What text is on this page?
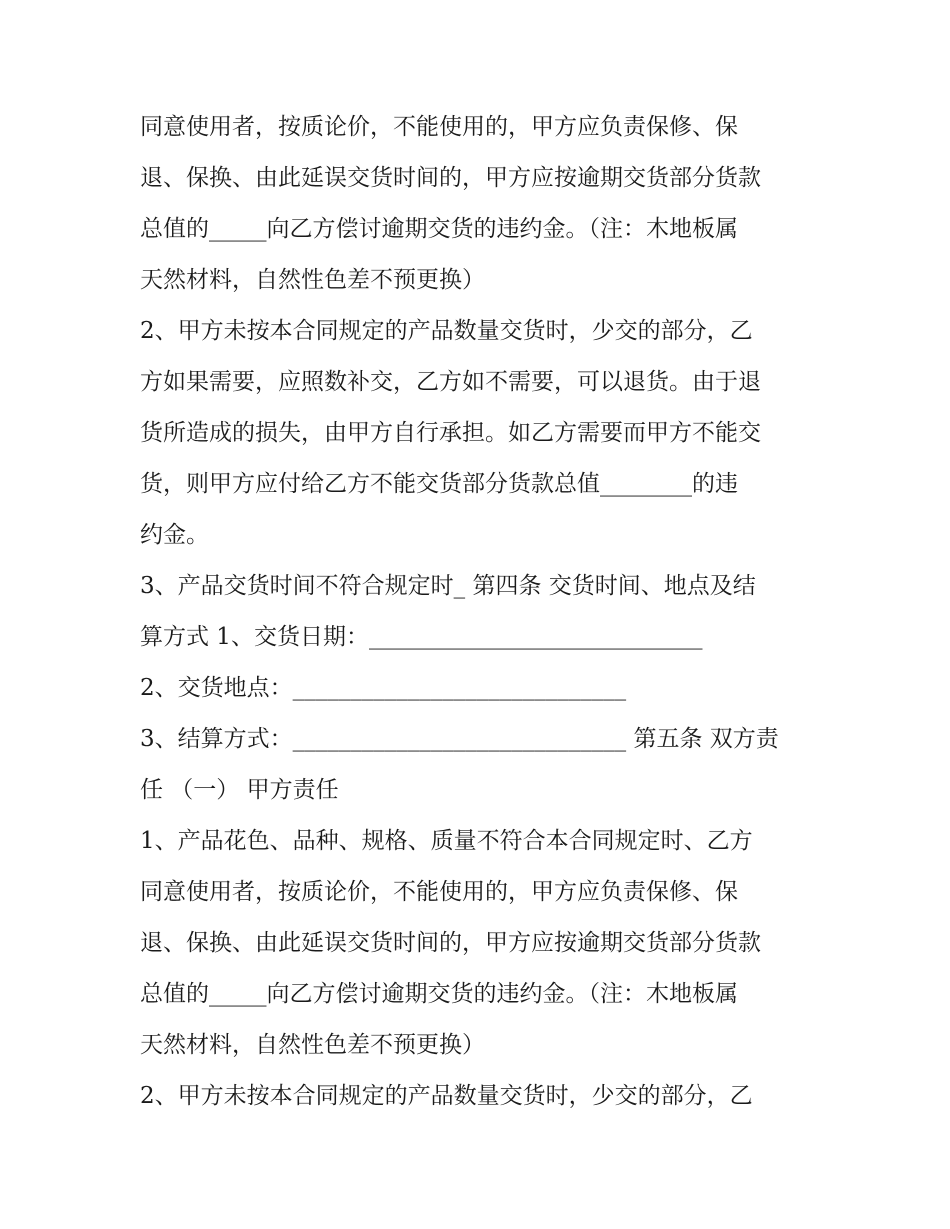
同意使用者，按质论价，不能使用的，甲方应负责保修、保
退、保换、由此延误交货时间的，甲方应按逾期交货部分货款
总值的_____向乙方偿讨逾期交货的违约金。（注：木地板属
天然材料，自然性色差不预更换）
2、甲方未按本合同规定的产品数量交货时，少交的部分，乙
方如果需要，应照数补交，乙方如不需要，可以退货。由于退
货所造成的损失，由甲方自行承担。如乙方需要而甲方不能交
货，则甲方应付给乙方不能交货部分货款总值________的违
约金。
3、产品交货时间不符合规定时_ 第四条 交货时间、地点及结
算方式 1、交货日期：_____________________________
2、交货地点：_____________________________
3、结算方式：_____________________________ 第五条 双方责
任 （一） 甲方责任
1、产品花色、品种、规格、质量不符合本合同规定时、乙方
同意使用者，按质论价，不能使用的，甲方应负责保修、保
退、保换、由此延误交货时间的，甲方应按逾期交货部分货款
总值的_____向乙方偿讨逾期交货的违约金。（注：木地板属
天然材料，自然性色差不预更换）
2、甲方未按本合同规定的产品数量交货时，少交的部分，乙
